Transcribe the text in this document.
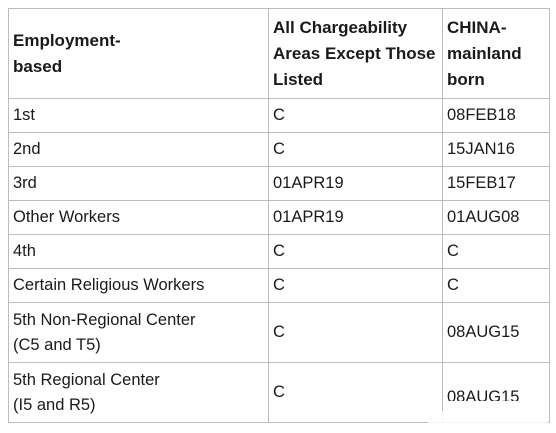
Employment-
based	All Chargeability Areas Except Those Listed	CHINA-mainland born
1st	C	08FEB18
2nd	C	15JAN16
3rd	01APR19	15FEB17
Other Workers	01APR19	01AUG08
4th	C	C
Certain Religious Workers	C	C
5th Non-Regional Center (C5 and T5)	C	08AUG15
5th Regional Center (I5 and R5)	C	08AUG15
